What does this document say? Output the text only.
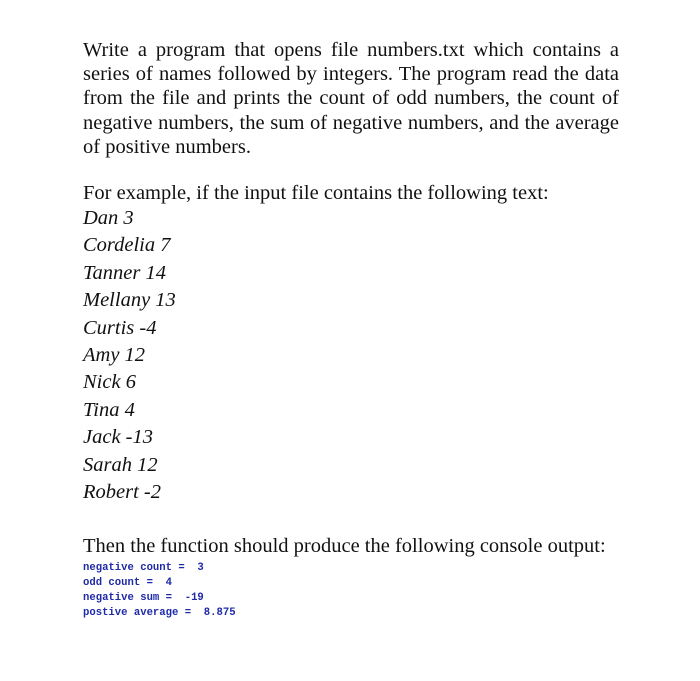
Write a program that opens file numbers.txt which contains a series of names followed by integers. The program read the data from the file and prints the count of odd numbers, the count of negative numbers, the sum of negative numbers, and the average of positive numbers.

For example, if the input file contains the following text:

Dan 3
Cordelia 7
Tanner 14
Mellany 13
Curtis -4
Amy 12
Nick 6
Tina 4
Jack -13
Sarah 12
Robert -2

Then the function should produce the following console output:

negative count =  3
odd count =  4
negative sum =  -19
postive average =  8.875
